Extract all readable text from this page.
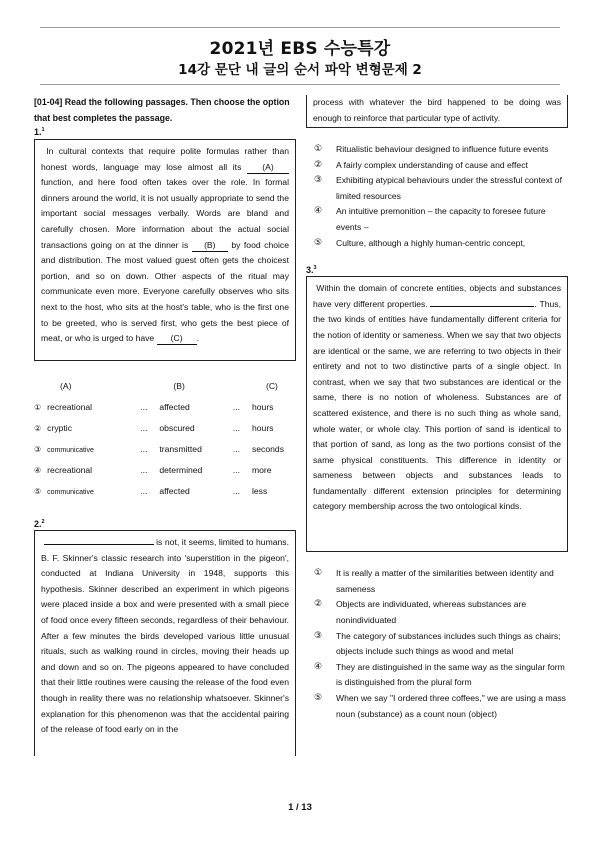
2021년 EBS 수능특강
14강 문단 내 글의 순서 파악 변형문제 2
[01-04] Read the following passages. Then choose the option that best completes the passage.
1.$^1$
In cultural contexts that require polite formulas rather than honest words, language may lose almost all its (A) function, and here food often takes over the role. In formal dinners around the world, it is not usually appropriate to send the important social messages verbally. Words are bland and carefully chosen. More information about the actual social transactions going on at the dinner is (B) by food choice and distribution. The most valued guest often gets the choicest portion, and so on down. Other aspects of the ritual may communicate even more. Everyone carefully observes who sits next to the host, who sits at the host's table, who is the first one to be greeted, who is served first, who gets the best piece of meat, or who is urged to have (C) .
(A)		(B)		(C)
① recreational	...	affected	...	hours
② cryptic	...	obscured	...	hours
③ communicative	...	transmitted	...	seconds
④ recreational	...	determined	...	more
⑤ communicative	...	affected	...	less
2.$^2$
is not, it seems, limited to humans. B. F. Skinner's classic research into 'superstition in the pigeon', conducted at Indiana University in 1948, supports this hypothesis. Skinner described an experiment in which pigeons were placed inside a box and were presented with a small piece of food once every fifteen seconds, regardless of their behaviour. After a few minutes the birds developed various little unusual rituals, such as walking round in circles, moving their heads up and down and so on. The pigeons appeared to have concluded that their little routines were causing the release of the food even though in reality there was no relationship whatsoever. Skinner's explanation for this phenomenon was that the accidental pairing of the release of food early on in the
process with whatever the bird happened to be doing was enough to reinforce that particular type of activity.
①	Ritualistic behaviour designed to influence future events
②	A fairly complex understanding of cause and effect
③	Exhibiting atypical behaviours under the stressful context of limited resources
④	An intuitive premonition – the capacity to foresee future events –
⑤	Culture, although a highly human-centric concept,
3.$^3$
Within the domain of concrete entities, objects and substances have very different properties.	. Thus, the two kinds of entities have fundamentally different criteria for the notion of identity or sameness. When we say that two objects are identical or the same, we are referring to two objects in their entirety and not to two distinctive parts of a single object. In contrast, when we say that two substances are identical or the same, there is no notion of wholeness. Substances are of scattered existence, and there is no such thing as whole sand, whole water, or whole clay. This portion of sand is identical to that portion of sand, as long as the two portions consist of the same physical constituents. This difference in identity or sameness between objects and substances leads to fundamentally different extension principles for determining category membership across the two ontological kinds.
①	It is really a matter of the similarities between identity and sameness
②	Objects are individuated, whereas substances are nonindividuated
③	The category of substances includes such things as chairs; objects include such things as wood and metal
④	They are distinguished in the same way as the singular form is distinguished from the plural form
⑤	When we say "I ordered three coffees," we are using a mass noun (substance) as a count noun (object)
1 / 13
